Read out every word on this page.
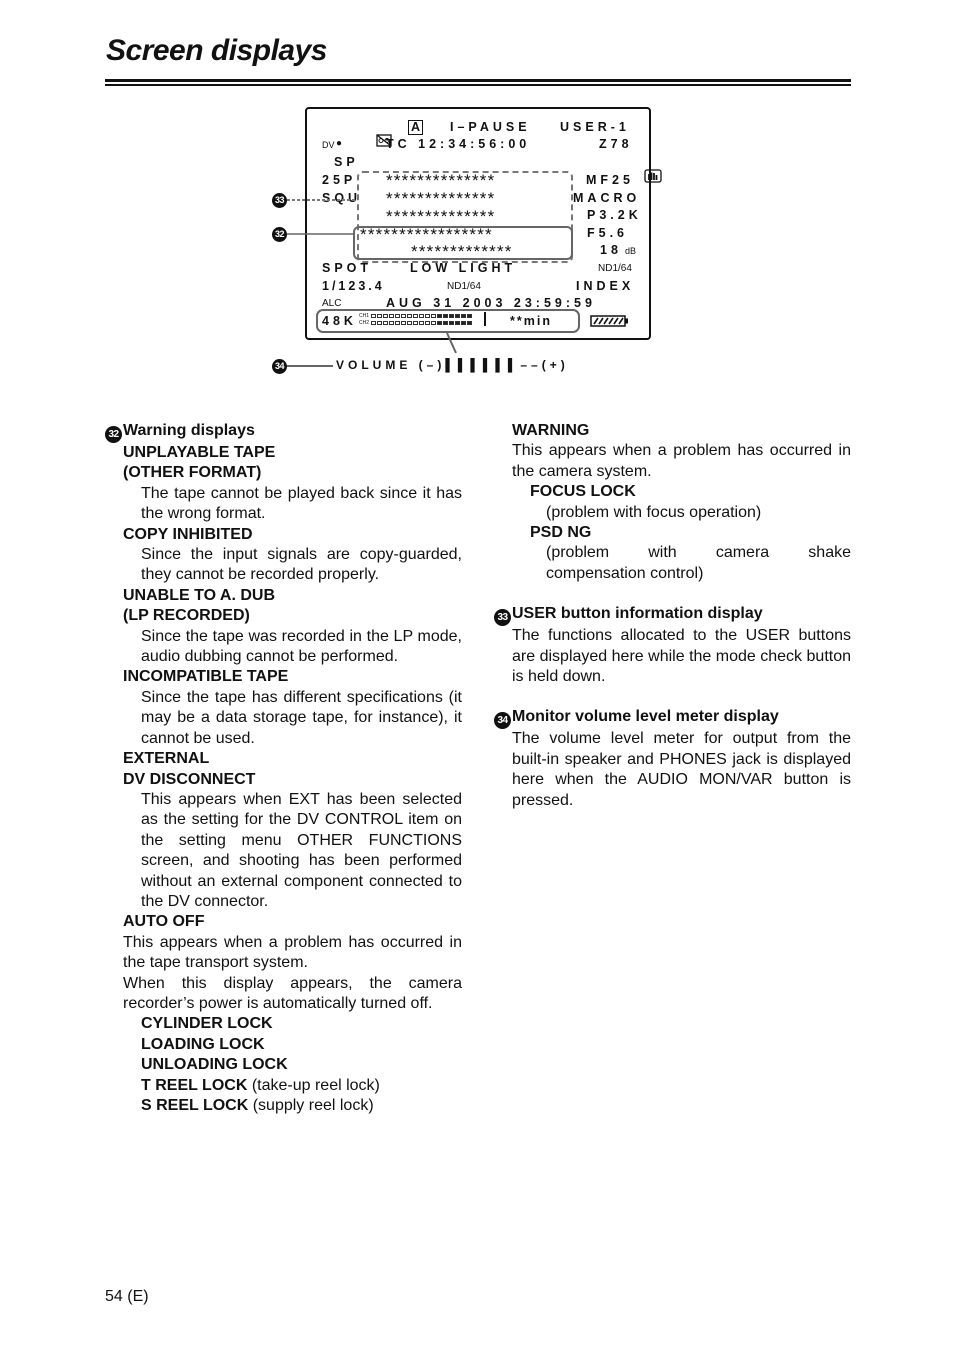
Screen displays

A

I–PAUSE

USER-1

DV

●

	TC 12:34:56:00

	Z78

SP

25P

	MF25

SQU

	MACRO

P3.2K

F5.6

18

dB

**************
**************
**************
*****************
*************

SPOT

	LOW LIGHT

	ND1/64

1/123.4

	ND1/64

	INDEX

ALC

	AUG 31 2003 23:59:59

48K

CH1

CH2

	**min

33
32
34	VOLUME (–)▌▌▌▌▌▌––(+)

32 Warning displays

UNPLAYABLE TAPE

(OTHER FORMAT)

The tape cannot be played back since it has the wrong format.

COPY INHIBITED

Since the input signals are copy-guarded, they cannot be recorded properly.

UNABLE TO A. DUB

(LP RECORDED)

Since the tape was recorded in the LP mode, audio dubbing cannot be performed.

INCOMPATIBLE TAPE

Since the tape has different specifications (it may be a data storage tape, for instance), it cannot be used.

EXTERNAL

DV DISCONNECT

This appears when EXT has been selected as the setting for the DV CONTROL item on the setting menu OTHER FUNCTIONS screen, and shooting has been performed without an external component connected to the DV connector.

AUTO OFF

This appears when a problem has occurred in the tape transport system.

When this display appears, the camera recorder’s power is automatically turned off.

CYLINDER LOCK

LOADING LOCK

UNLOADING LOCK

T REEL LOCK (take-up reel lock)

S REEL LOCK (supply reel lock)

WARNING

This appears when a problem has occurred in the camera system.

FOCUS LOCK

(problem with focus operation)

PSD NG

(problem with camera shake compensation control)

33 USER button information display

The functions allocated to the USER buttons are displayed here while the mode check button is held down.

34 Monitor volume level meter display

The volume level meter for output from the built-in speaker and PHONES jack is displayed here when the AUDIO MON/VAR button is pressed.

54 (E)
